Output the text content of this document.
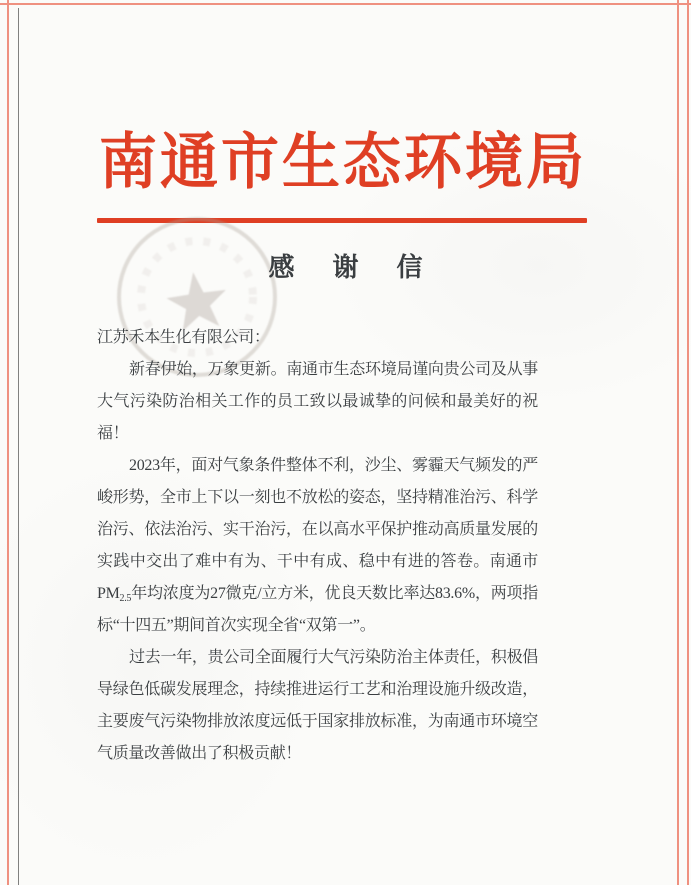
南通市生态环境局
感　谢　信

江苏禾本生化有限公司：

新春伊始，万象更新。南通市生态环境局谨向贵公司及从事大气污染防治相关工作的员工致以最诚挚的问候和最美好的祝福！

2023年，面对气象条件整体不利，沙尘、雾霾天气频发的严峻形势，全市上下以一刻也不放松的姿态，坚持精准治污、科学治污、依法治污、实干治污，在以高水平保护推动高质量发展的实践中交出了难中有为、干中有成、稳中有进的答卷。南通市$PM_{2.5}$年均浓度为27微克/立方米，优良天数比率达83.6%，两项指标“十四五”期间首次实现全省“双第一”。

过去一年，贵公司全面履行大气污染防治主体责任，积极倡导绿色低碳发展理念，持续推进运行工艺和治理设施升级改造，主要废气污染物排放浓度远低于国家排放标准，为南通市环境空气质量改善做出了积极贡献！
